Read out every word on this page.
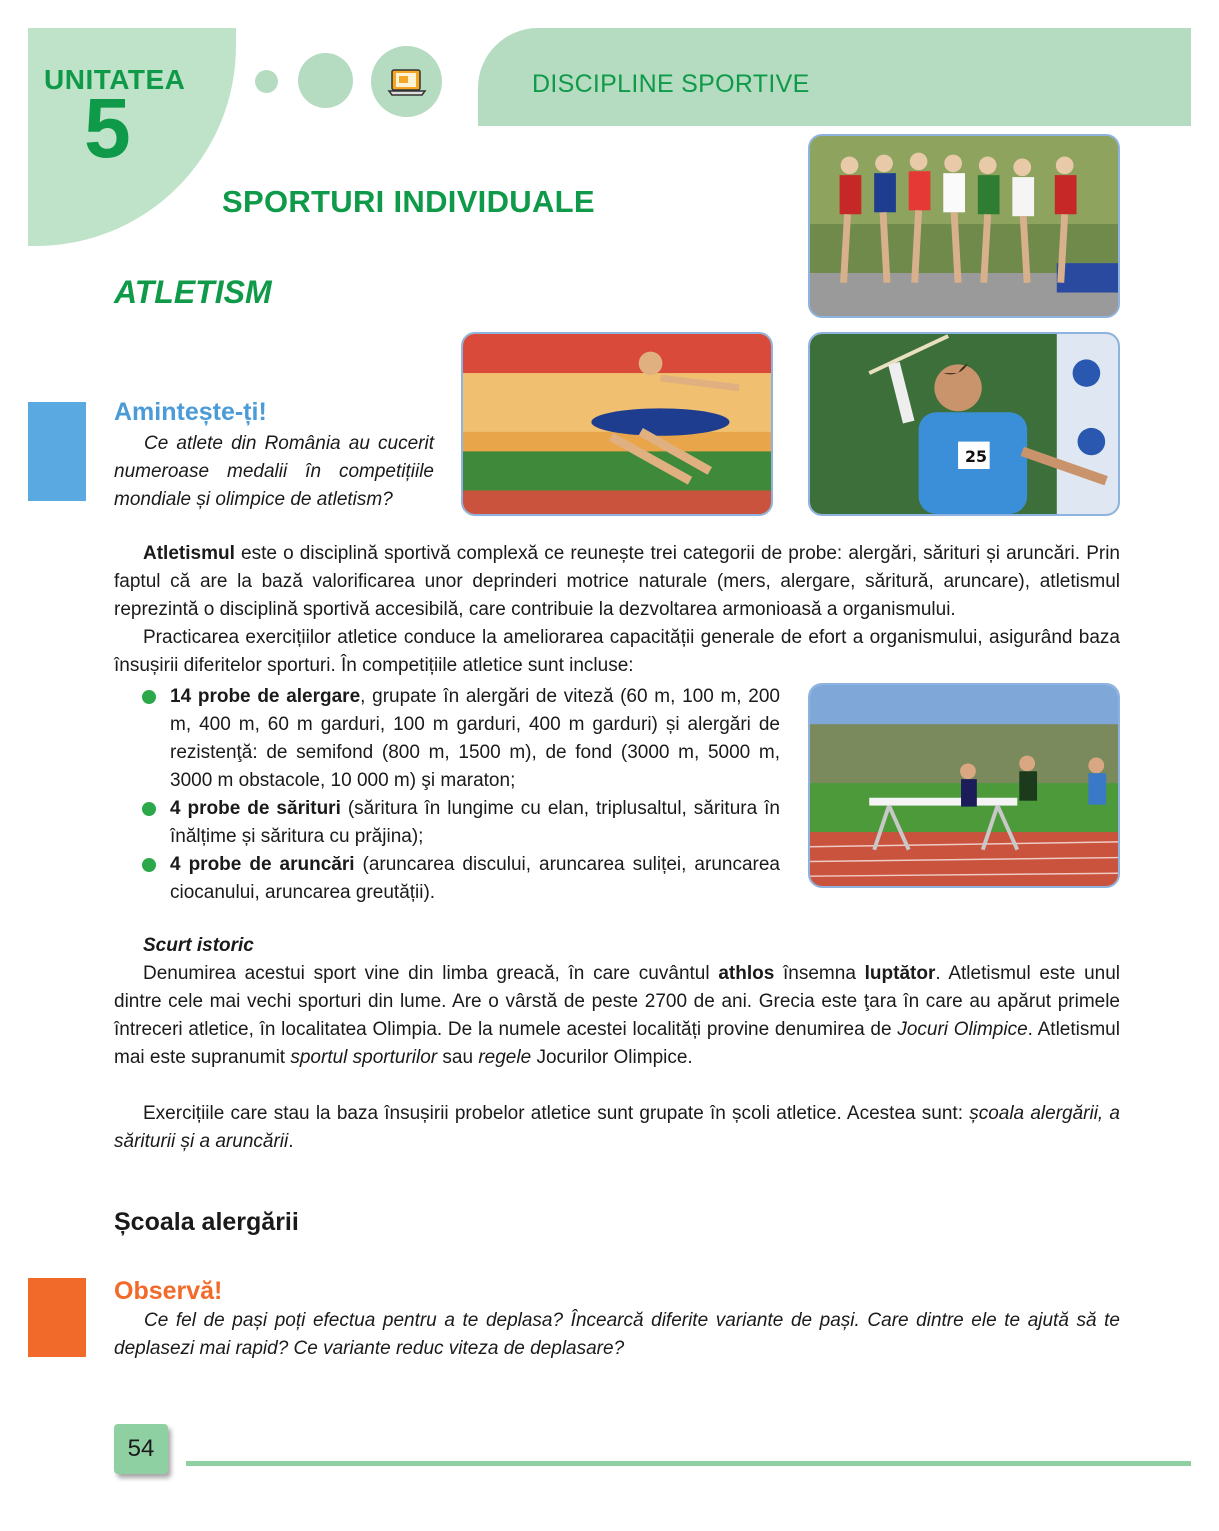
UNITATEA
5	DISCIPLINE SPORTIVE
SPORTURI INDIVIDUALE
ATLETISM
25
Amintește-ți!
Ce atlete din România au cucerit numeroase medalii în competițiile mondiale și olimpice de atletism?
Atletismul este o disciplină sportivă complexă ce reunește trei categorii de probe: alergări, sărituri și aruncări. Prin faptul că are la bază valorificarea unor deprinderi motrice naturale (mers, alergare, săritură, aruncare), atletismul reprezintă o disciplină sportivă accesibilă, care contribuie la dezvoltarea armonioasă a organismului.
Practicarea exercițiilor atletice conduce la ameliorarea capacității generale de efort a organismului, asigurând baza însușirii diferitelor sporturi. În competițiile atletice sunt incluse:
14 probe de alergare, grupate în alergări de viteză (60 m, 100 m, 200 m, 400 m, 60 m garduri, 100 m garduri, 400 m garduri) și alergări de rezistenţă: de semifond (800 m, 1500 m), de fond (3000 m, 5000 m, 3000 m obstacole, 10 000 m) şi maraton;
4 probe de sărituri (săritura în lungime cu elan, triplusaltul, săritura în înălțime și săritura cu prăjina);
4 probe de aruncări (aruncarea discului, aruncarea suliței, aruncarea ciocanului, aruncarea greutății).
Scurt istoric
Denumirea acestui sport vine din limba greacă, în care cuvântul athlos însemna luptător. Atletismul este unul dintre cele mai vechi sporturi din lume. Are o vârstă de peste 2700 de ani. Grecia este ţara în care au apărut primele întreceri atletice, în localitatea Olimpia. De la numele acestei localități provine denumirea de Jocuri Olimpice. Atletismul mai este supranumit sportul sporturilor sau regele Jocurilor Olimpice.
Exercițiile care stau la baza însușirii probelor atletice sunt grupate în școli atletice. Acestea sunt: școala alergării, a săriturii și a aruncării.
Școala alergării
Observă!
Ce fel de pași poți efectua pentru a te deplasa? Încearcă diferite variante de pași. Care dintre ele te ajută să te deplasezi mai rapid? Ce variante reduc viteza de deplasare?
54
